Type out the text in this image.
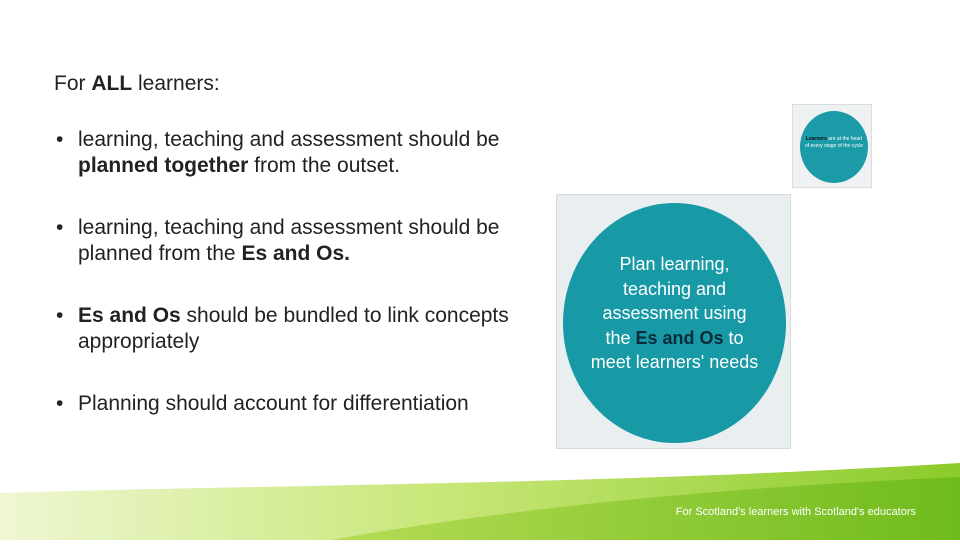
For ALL learners:
• learning, teaching and assessment should be planned together from the outset.
• learning, teaching and assessment should be planned from the Es and Os.
• Es and Os should be bundled to link concepts appropriately
• Planning should account for differentiation
Learners are at the heart of every stage of the cycle
Plan learning, teaching and assessment using the Es and Os to meet learners' needs
For Scotland's learners with Scotland's educators
